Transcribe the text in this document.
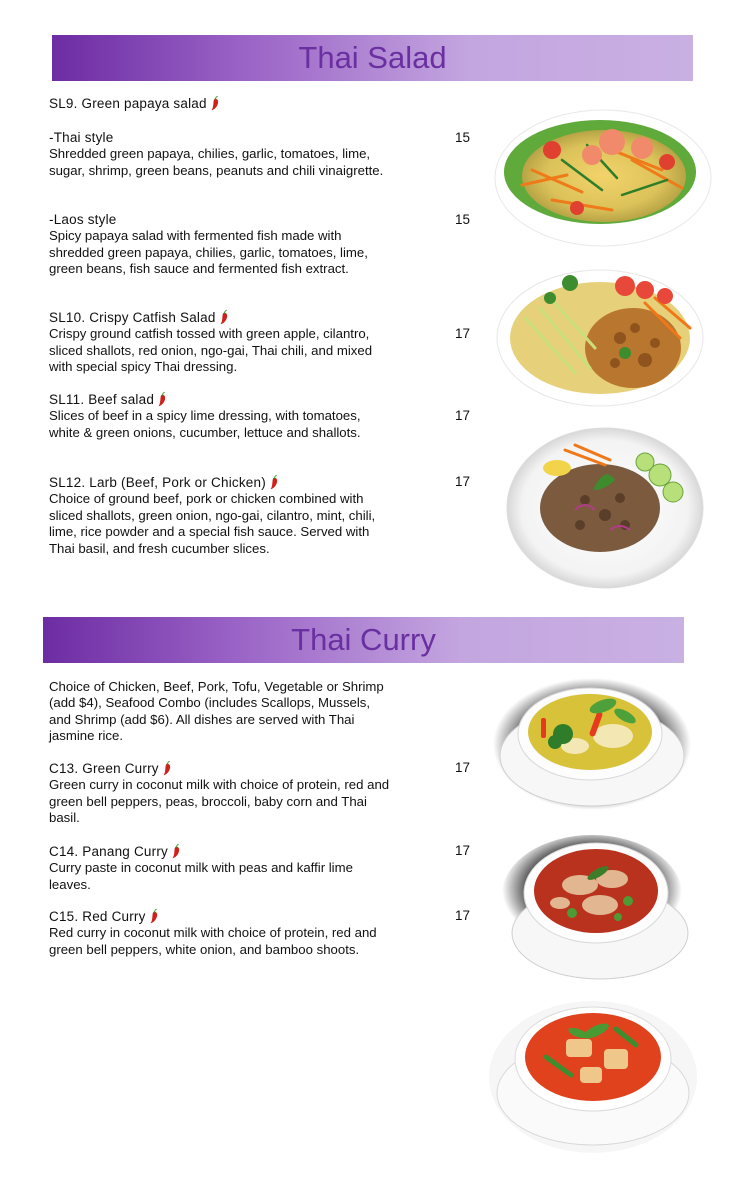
Thai Salad
SL9. Green papaya salad
-Thai style
Shredded green papaya, chilies, garlic, tomatoes, lime, sugar, shrimp, green beans, peanuts and chili vinaigrette.
15
-Laos style
Spicy papaya salad with fermented fish made with shredded green papaya, chilies, garlic, tomatoes, lime, green beans, fish sauce and fermented fish extract.
15
SL10. Crispy Catfish Salad
Crispy ground catfish tossed with green apple, cilantro, sliced shallots, red onion, ngo-gai, Thai chili, and mixed with special spicy Thai dressing.
17
SL11. Beef salad
Slices of beef in a spicy lime dressing, with tomatoes, white & green onions, cucumber, lettuce and shallots.
17
SL12. Larb (Beef, Pork or Chicken)
Choice of ground beef, pork or chicken combined with sliced shallots, green onion, ngo-gai, cilantro, mint, chili, lime, rice powder and a special fish sauce. Served with Thai basil, and fresh cucumber slices.
17
Thai Curry
Choice of Chicken, Beef, Pork, Tofu, Vegetable or Shrimp (add $4), Seafood Combo (includes Scallops, Mussels, and Shrimp (add $6). All dishes are served with Thai jasmine rice.
C13. Green Curry
Green curry in coconut milk with choice of protein, red and green bell peppers, peas, broccoli, baby corn and Thai basil.
17
C14. Panang Curry
Curry paste in coconut milk with peas and kaffir lime leaves.
17
C15. Red Curry
Red curry in coconut milk with choice of protein, red and green bell peppers, white onion, and bamboo shoots.
17
